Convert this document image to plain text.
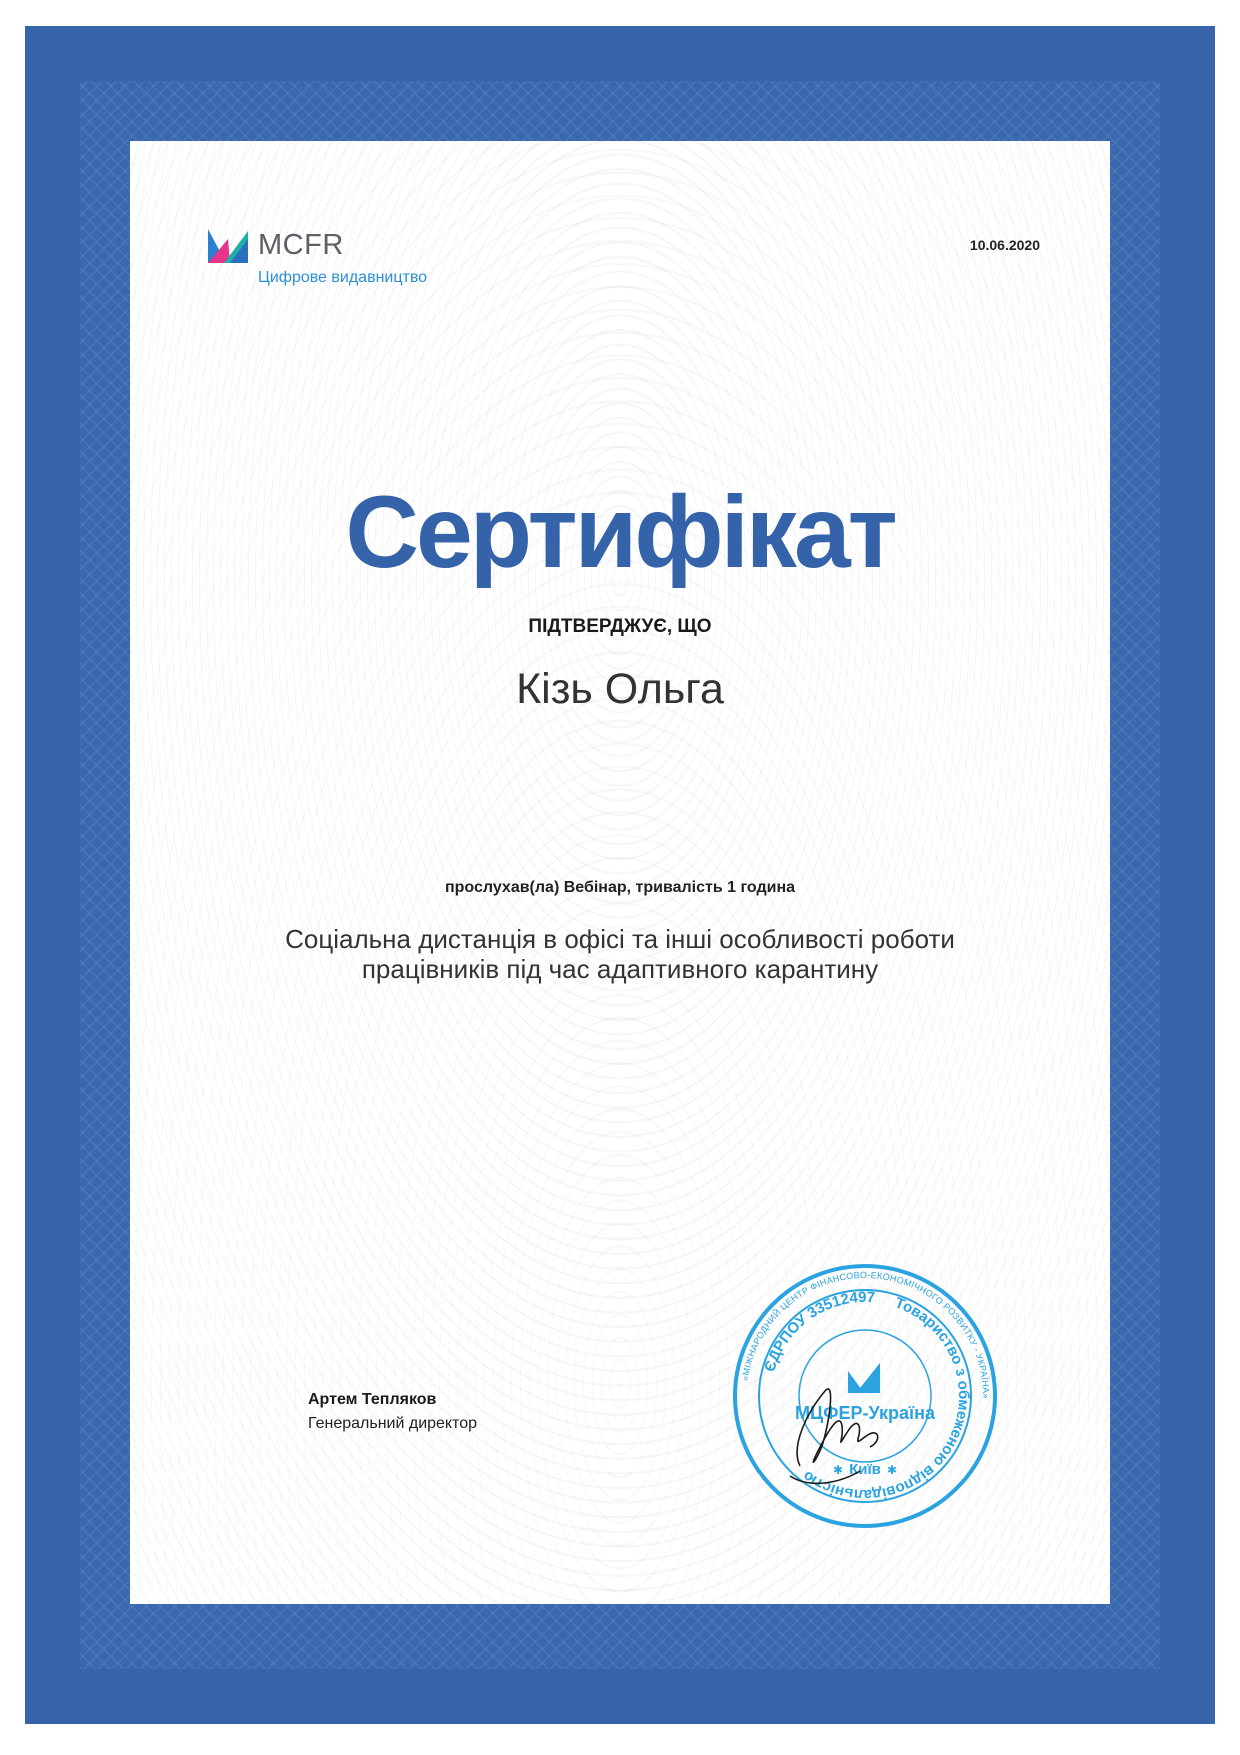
MCFR
Цифрове видавництво
10.06.2020
Сертифікат
ПІДТВЕРДЖУЄ, ЩО
Кізь Ольга
прослухав(ла) Вебінар, тривалість 1 година
Соціальна дистанція в офісі та інші особливості роботи
працівників під час адаптивного карантину
Артем Тепляков
Генеральний директор
«МІЖНАРОДНИЙ ЦЕНТР ФІНАНСОВО-ЕКОНОМІЧНОГО РОЗВИТКУ - УКРАЇНА»
Товариство з обмеженою відповідальністю
ЄДРПОУ 33512497
МЦФЕР-Україна
Київ
✱	✱
